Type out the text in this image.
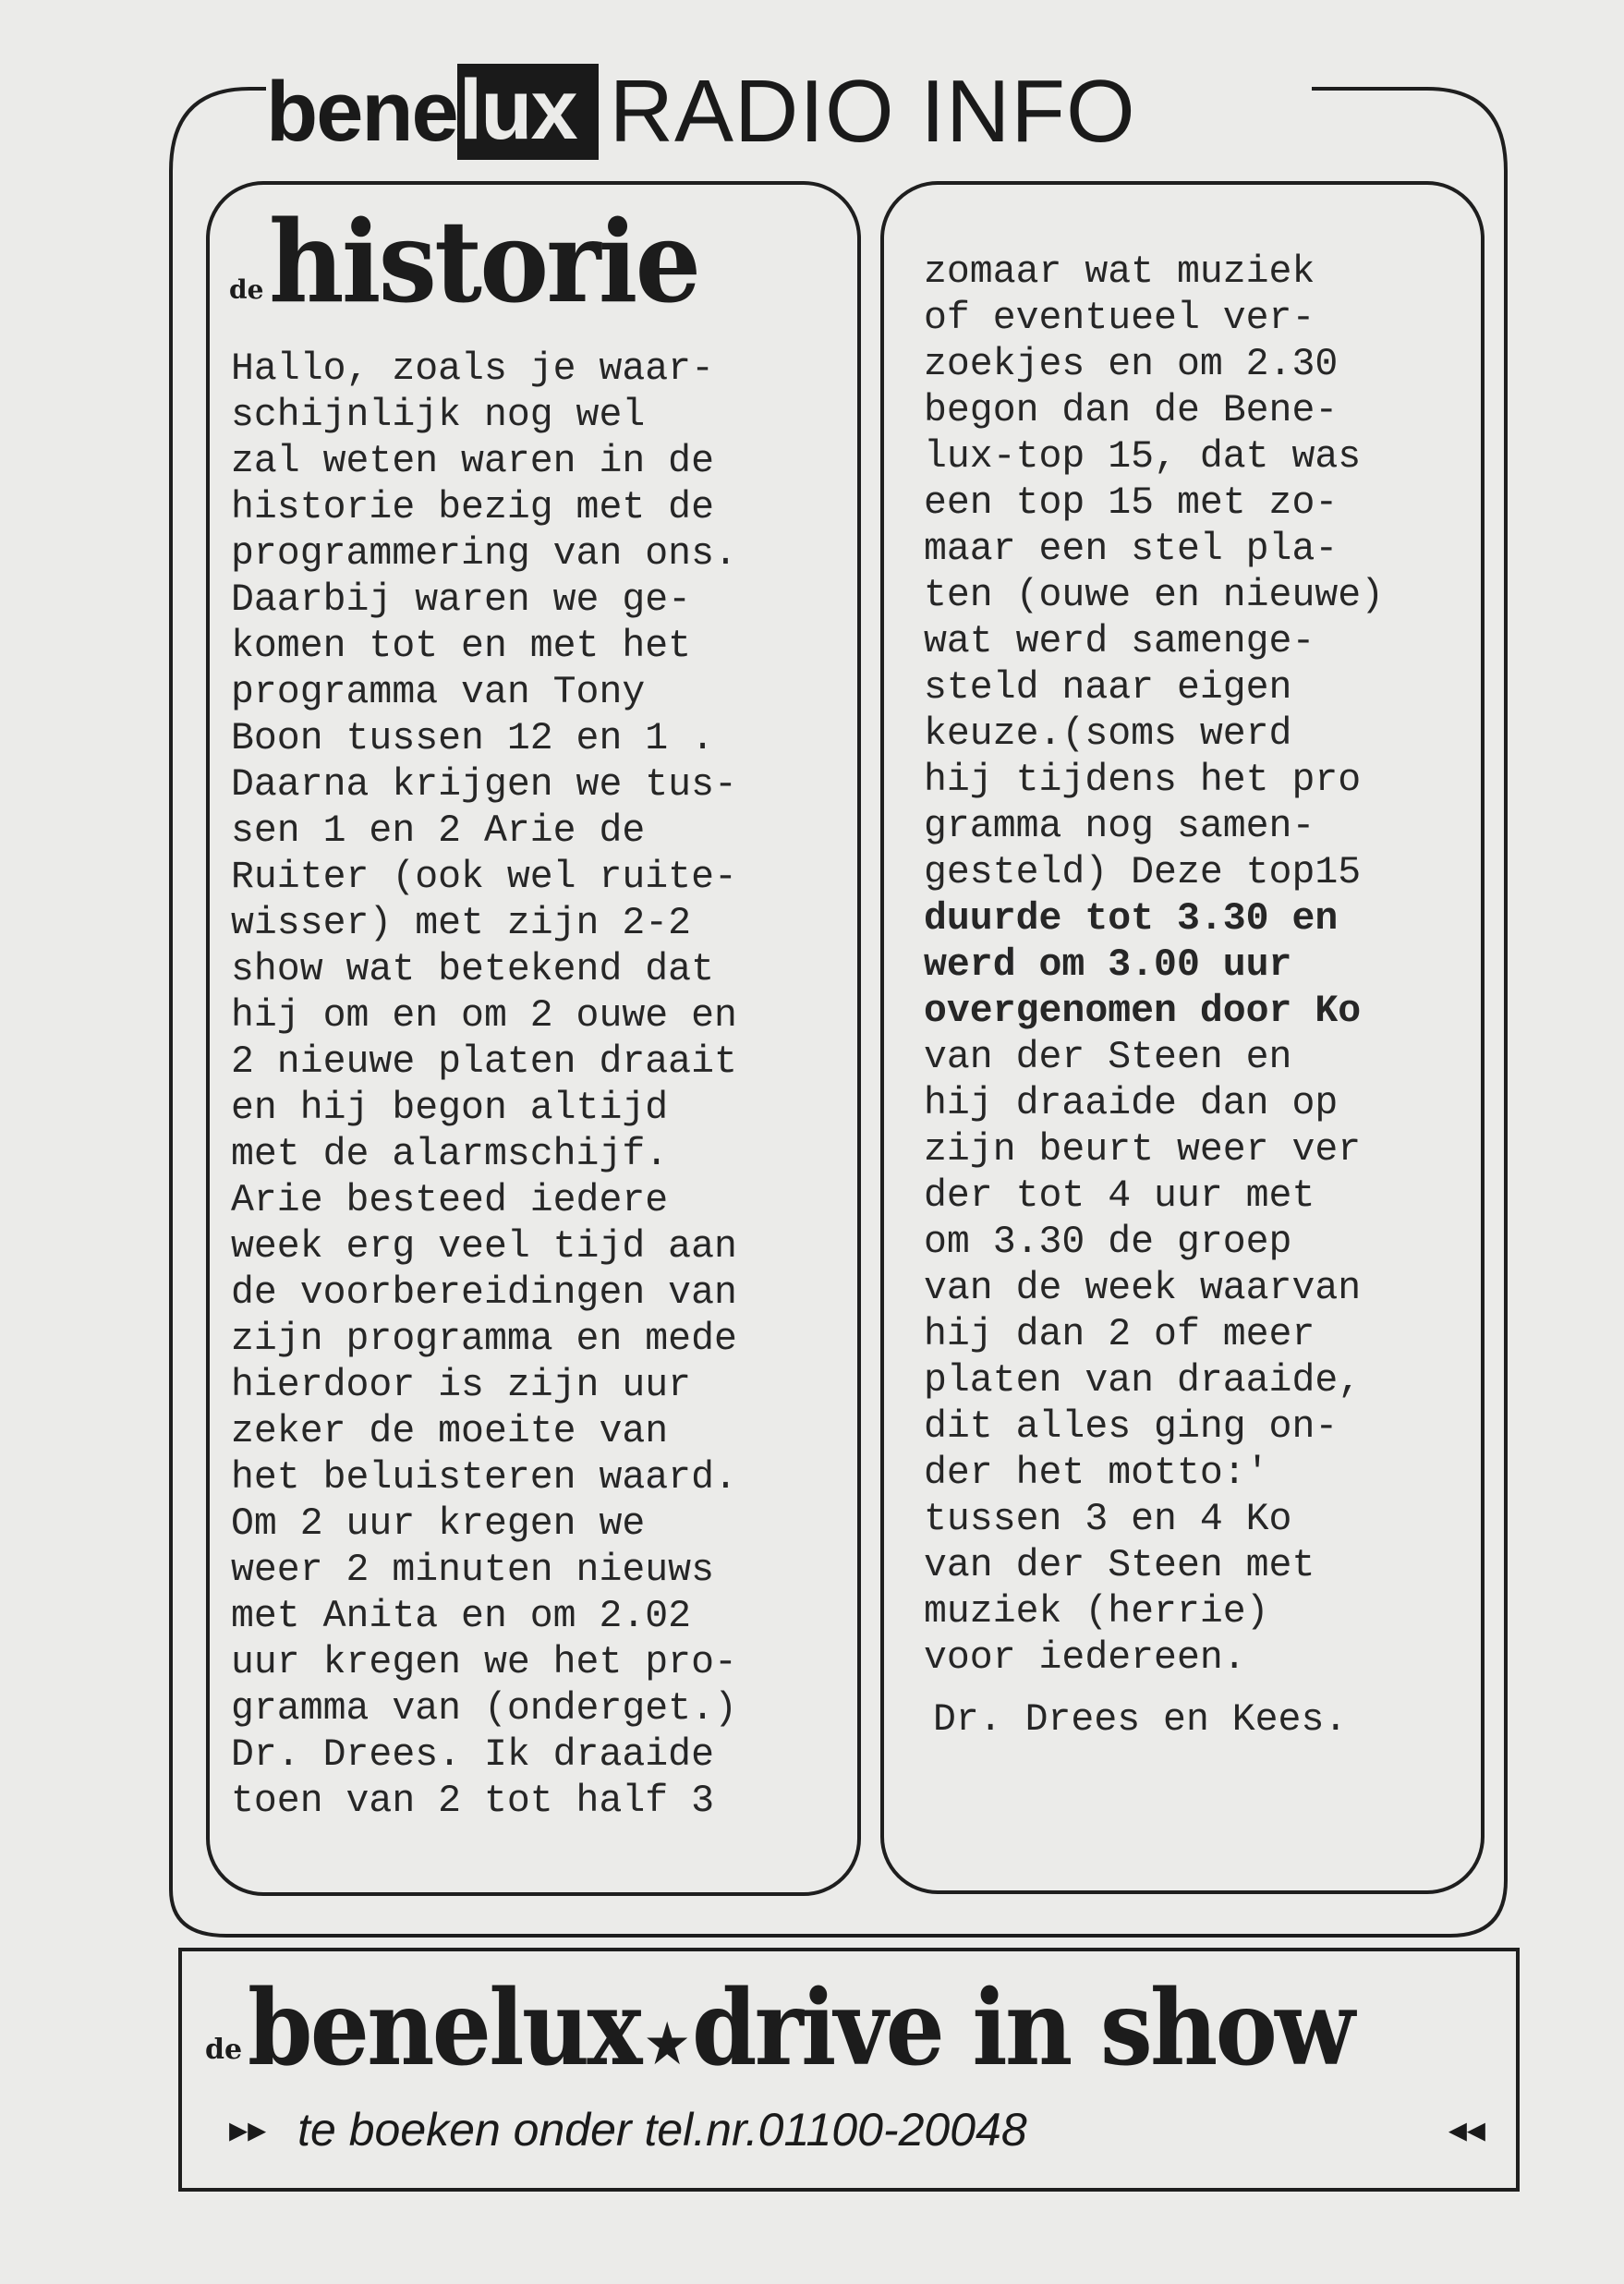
bene lux RADIO INFO
de historie
Hallo, zoals je waar-
schijnlijk nog wel
zal weten waren in de
historie bezig met de
programmering van ons.
Daarbij waren we ge-
komen tot en met het
programma van Tony
Boon tussen 12 en 1 .
Daarna krijgen we tus-
sen 1 en 2 Arie de
Ruiter (ook wel ruite-
wisser) met zijn 2-2
show wat betekend dat
hij om en om 2 ouwe en
2 nieuwe platen draait
en hij begon altijd
met de alarmschijf.
Arie besteed iedere
week erg veel tijd aan
de voorbereidingen van
zijn programma en mede
hierdoor is zijn uur
zeker de moeite van
het beluisteren waard.
Om 2 uur kregen we
weer 2 minuten nieuws
met Anita en om 2.02
uur kregen we het pro-
gramma van (onderget.)
Dr. Drees. Ik draaide
toen van 2 tot half 3
zomaar wat muziek
of eventueel ver-
zoekjes en om 2.30
begon dan de Bene-
lux-top 15, dat was
een top 15 met zo-
maar een stel pla-
ten (ouwe en nieuwe)
wat werd samenge-
steld naar eigen
keuze.(soms werd
hij tijdens het pro
gramma nog samen-
gesteld) Deze top15
duurde tot 3.30 en
werd om 3.00 uur
overgenomen door Ko
van der Steen en
hij draaide dan op
zijn beurt weer ver
der tot 4 uur met
om 3.30 de groep
van de week waarvan
hij dan 2 of meer
platen van draaide,
dit alles ging on-
der het motto:'
tussen 3 en 4 Ko
van der Steen met
muziek (herrie)
voor iedereen.
Dr. Drees en Kees.
de benelux★drive in show
▸▸ te boeken onder tel.nr.01100-20048	◂◂
